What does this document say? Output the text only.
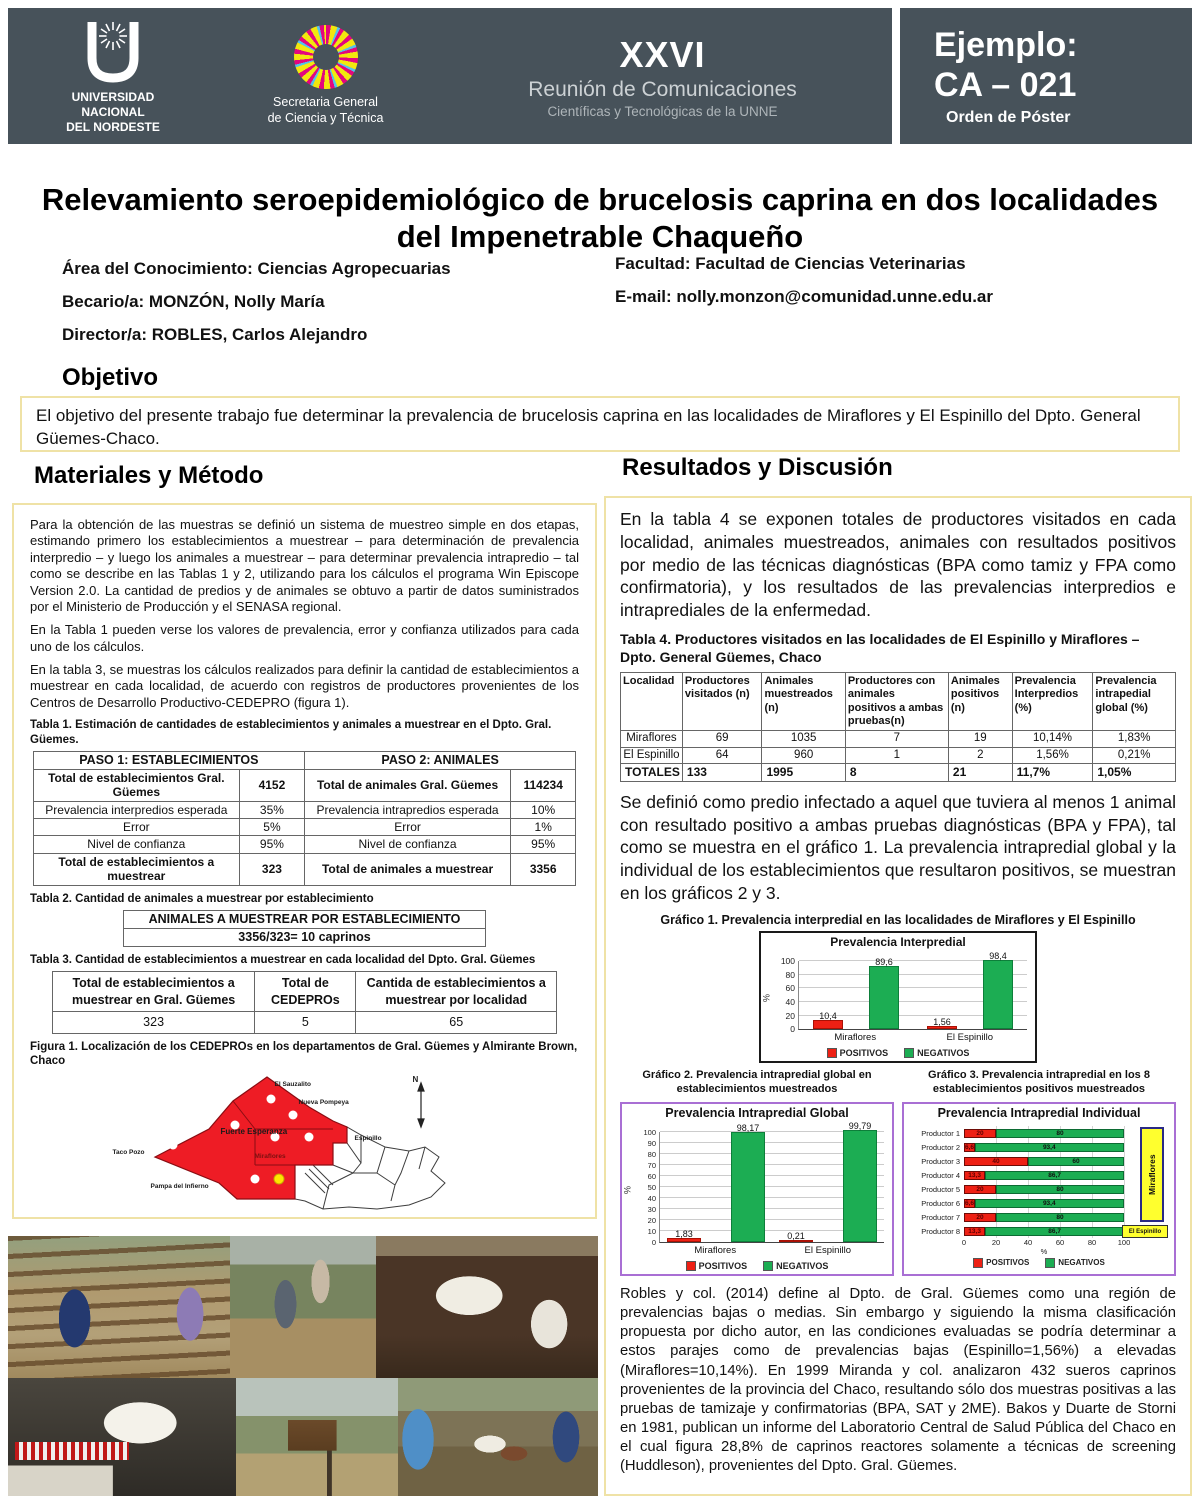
UNIVERSIDAD
NACIONAL
DEL NORDESTE
Secretaria General
de Ciencia y Técnica
XXVI
Reunión de Comunicaciones
Científicas y Tecnológicas de la UNNE
Ejemplo:
CA – 021
Orden de Póster
Relevamiento seroepidemiológico de brucelosis caprina en dos localidades del Impenetrable Chaqueño

Área del Conocimiento: Ciencias Agropecuarias

Becario/a: MONZÓN, Nolly María

Director/a: ROBLES, Carlos Alejandro

Facultad: Facultad de Ciencias Veterinarias

E-mail: nolly.monzon@comunidad.unne.edu.ar

Objetivo
El objetivo del presente trabajo fue determinar la prevalencia de brucelosis caprina en las localidades de Miraflores y El Espinillo del Dpto. General Güemes-Chaco.
Materiales y Método

Para la obtención de las muestras se definió un sistema de muestreo simple en dos etapas, estimando primero los establecimientos a muestrear – para determinación de prevalencia interpredio – y luego los animales a muestrear – para determinar prevalencia intrapredio – tal como se describe en las Tablas 1 y 2, utilizando para los cálculos el programa Win Episcope Version 2.0. La cantidad de predios y de animales se obtuvo a partir de datos suministrados por el Ministerio de Producción y el SENASA regional.

En la Tabla 1 pueden verse los valores de prevalencia, error y confianza utilizados para cada uno de los cálculos.

En la tabla 3, se muestras los cálculos realizados para definir la cantidad de establecimientos a muestrear en cada localidad, de acuerdo con registros de productores provenientes de los Centros de Desarrollo Productivo-CEDEPRO (figura 1).

Tabla 1. Estimación de cantidades de establecimientos y animales a muestrear en el Dpto. Gral. Güemes.
PASO 1: ESTABLECIMIENTOS		PASO 2: ANIMALES	
Total de establecimientos Gral. Güemes	4152	Total de animales Gral. Güemes	114234
Prevalencia interpredios esperada	35%	Prevalencia intrapredios esperada	10%
Error	5%	Error	1%
Nivel de confianza	95%	Nivel de confianza	95%
Total de establecimientos a muestrear	323	Total de animales a muestrear	3356
Tabla 2. Cantidad de animales a muestrear por establecimiento
ANIMALES A MUESTREAR POR ESTABLECIMIENTO
3356/323= 10 caprinos
Tabla 3. Cantidad de establecimientos a muestrear en cada localidad del Dpto. Gral. Güemes
Total de establecimientos a muestrear en Gral. Güemes	Total de CEDEPROs	Cantida de establecimientos a muestrear por localidad
323	5	65
Figura 1. Localización de los CEDEPROs en los departamentos de Gral. Güemes y Almirante Brown, Chaco
N
El Sauzalito
Nueva Pompeya
Fuerte Esperanza
Espinillo
Miraflores
Taco Pozo
Pampa del Infierno
Resultados y Discusión

En la tabla 4 se exponen totales de productores visitados en cada localidad, animales muestreados, animales con resultados positivos por medio de las técnicas diagnósticas (BPA como tamiz y FPA como confirmatoria), y los resultados de las prevalencias interpredios e intraprediales de la enfermedad.

Tabla 4. Productores visitados en las localidades de El Espinillo y Miraflores – Dpto. General Güemes, Chaco
Localidad	Productores visitados (n)	Animales muestreados (n)	Productores con animales positivos a ambas pruebas(n)	Animales positivos (n)	Prevalencia Interpredios (%)	Prevalencia intrapedial global (%)
Miraflores	69	1035	7	19	10,14%	1,83%
El Espinillo	64	960	1	2	1,56%	0,21%
TOTALES	133	1995	8	21	11,7%	1,05%

Se definió como predio infectado a aquel que tuviera al menos 1 animal con resultado positivo a ambas pruebas diagnósticas (BPA y FPA), tal como se muestra en el gráfico 1. La prevalencia intrapredial global y la individual de los establecimientos que resultaron positivos, se muestran en los gráficos 2 y 3.

Gráfico 1. Prevalencia interpredial en las localidades de Miraflores y El Espinillo
Prevalencia Interpredial
%
0
20
40
60
80
100
10,4
89,6
1,56
98,4
Miraflores	El Espinillo
POSITIVOS	NEGATIVOS
Gráfico 2. Prevalencia intrapredial global en establecimientos muestreados
Prevalencia Intrapredial Global
%
0
10
20
30
40
50
60
70
80
90
100
1,83
98,17
0,21
99,79
Miraflores	El Espinillo
POSITIVOS	NEGATIVOS
Gráfico 3. Prevalencia intrapredial en los 8 establecimientos positivos muestreados
Prevalencia Intrapredial Individual
Productor 1	20	80
Productor 2 6,6	93,4
Productor 3	40	60
Productor 4	13,3	86,7
Productor 5	20	80
Productor 6 6,6	93,4
Productor 7	20	80
Productor 8	13,3	86,7
Miraflores
El Espinillo
0	20	40	60	80	100
%
POSITIVOS	NEGATIVOS

Robles y col. (2014) define al Dpto. de Gral. Güemes como una región de prevalencias bajas o medias. Sin embargo y siguiendo la misma clasificación propuesta por dicho autor, en las condiciones evaluadas se podría determinar a estos parajes como de prevalencias bajas (Espinillo=1,56%) a elevadas (Miraflores=10,14%). En 1999 Miranda y col. analizaron 432 sueros caprinos provenientes de la provincia del Chaco, resultando sólo dos muestras positivas a las pruebas de tamizaje y confirmatorias (BPA, SAT y 2ME). Bakos y Duarte de Storni en 1981, publican un informe del Laboratorio Central de Salud Pública del Chaco en el cual figura 28,8% de caprinos reactores solamente a técnicas de screening (Huddleson), provenientes del Dpto. Gral. Güemes.
